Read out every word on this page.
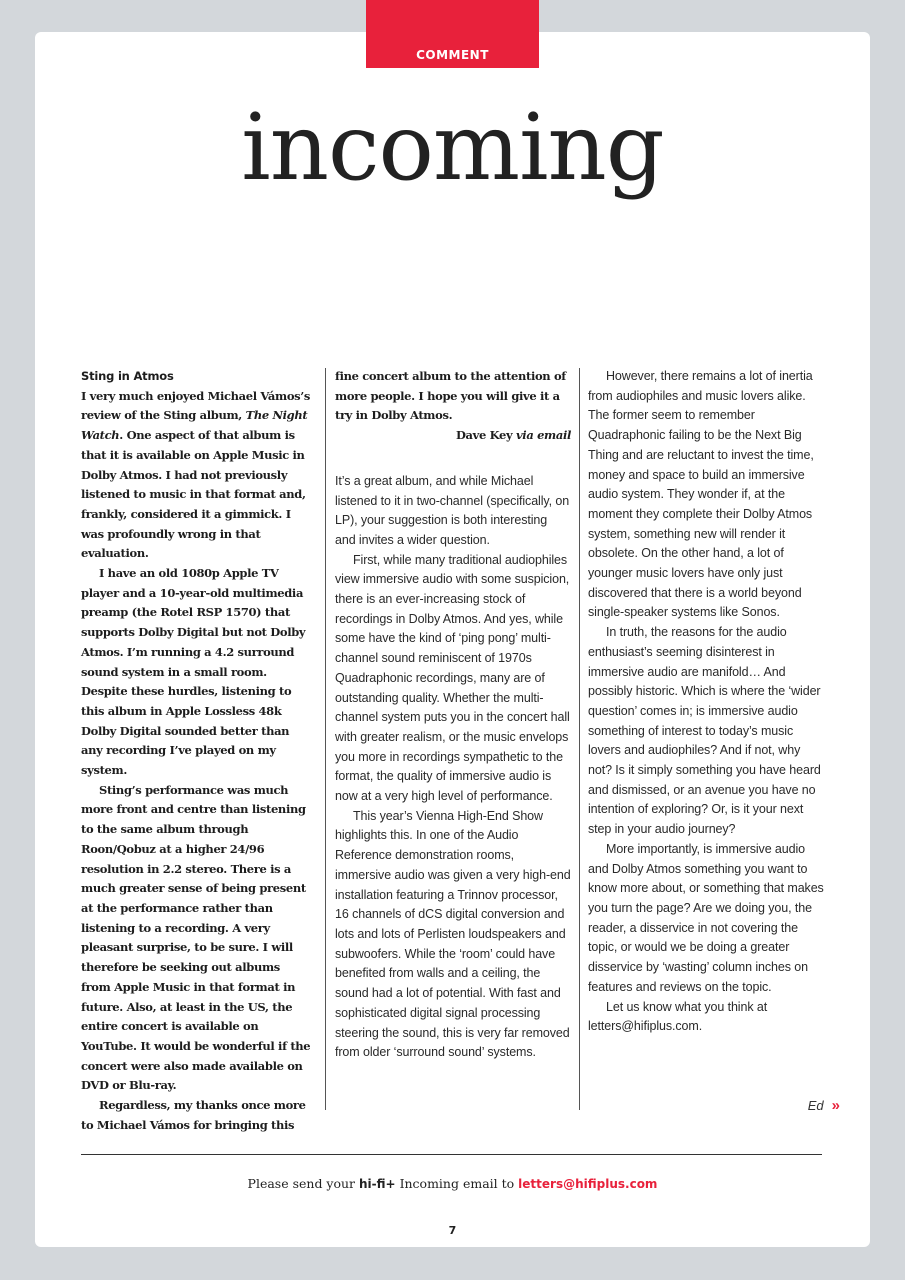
COMMENT
incoming

Sting in Atmos

I very much enjoyed Michael Vámos’s review of the Sting album, The Night Watch. One aspect of that album is that it is available on Apple Music in Dolby Atmos. I had not previously listened to music in that format and, frankly, considered it a gimmick. I was profoundly wrong in that evaluation.

I have an old 1080p Apple TV player and a 10-year-old multimedia preamp (the Rotel RSP 1570) that supports Dolby Digital but not Dolby Atmos. I’m running a 4.2 surround sound system in a small room. Despite these hurdles, listening to this album in Apple Lossless 48k Dolby Digital sounded better than any recording I’ve played on my system.

Sting’s performance was much more front and centre than listening to the same album through Roon/Qobuz at a higher 24/96 resolution in 2.2 stereo. There is a much greater sense of being present at the performance rather than listening to a recording. A very pleasant surprise, to be sure. I will therefore be seeking out albums from Apple Music in that format in future. Also, at least in the US, the entire concert is available on YouTube. It would be wonderful if the concert were also made available on DVD or Blu-ray.

Regardless, my thanks once more to Michael Vámos for bringing this

fine concert album to the attention of more people. I hope you will give it a try in Dolby Atmos.

Dave Key via email

It’s a great album, and while Michael listened to it in two-channel (specifically, on LP), your suggestion is both interesting and invites a wider question.

First, while many traditional audiophiles view immersive audio with some suspicion, there is an ever-increasing stock of recordings in Dolby Atmos. And yes, while some have the kind of ‘ping pong’ multi-channel sound reminiscent of 1970s Quadraphonic recordings, many are of outstanding quality. Whether the multi-channel system puts you in the concert hall with greater realism, or the music envelops you more in recordings sympathetic to the format, the quality of immersive audio is now at a very high level of performance.

This year’s Vienna High-End Show highlights this. In one of the Audio Reference demonstration rooms, immersive audio was given a very high-end installation featuring a Trinnov processor, 16 channels of dCS digital conversion and lots and lots of Perlisten loudspeakers and subwoofers. While the ‘room’ could have benefited from walls and a ceiling, the sound had a lot of potential. With fast and sophisticated digital signal processing steering the sound, this is very far removed from older ‘surround sound’ systems.

However, there remains a lot of inertia from audiophiles and music lovers alike. The former seem to remember Quadraphonic failing to be the Next Big Thing and are reluctant to invest the time, money and space to build an immersive audio system. They wonder if, at the moment they complete their Dolby Atmos system, something new will render it obsolete. On the other hand, a lot of younger music lovers have only just discovered that there is a world beyond single-speaker systems like Sonos.

In truth, the reasons for the audio enthusiast’s seeming disinterest in immersive audio are manifold… And possibly historic. Which is where the ‘wider question’ comes in; is immersive audio something of interest to today’s music lovers and audiophiles? And if not, why not? Is it simply something you have heard and dismissed, or an avenue you have no intention of exploring? Or, is it your next step in your audio journey?

More importantly, is immersive audio and Dolby Atmos something you want to know more about, or something that makes you turn the page? Are we doing you, the reader, a disservice in not covering the topic, or would we be doing a greater disservice by ‘wasting’ column inches on features and reviews on the topic.

Let us know what you think at letters@hifiplus.com.

Ed »
Please send your hi-fi+ Incoming email to letters@hifiplus.com
7
